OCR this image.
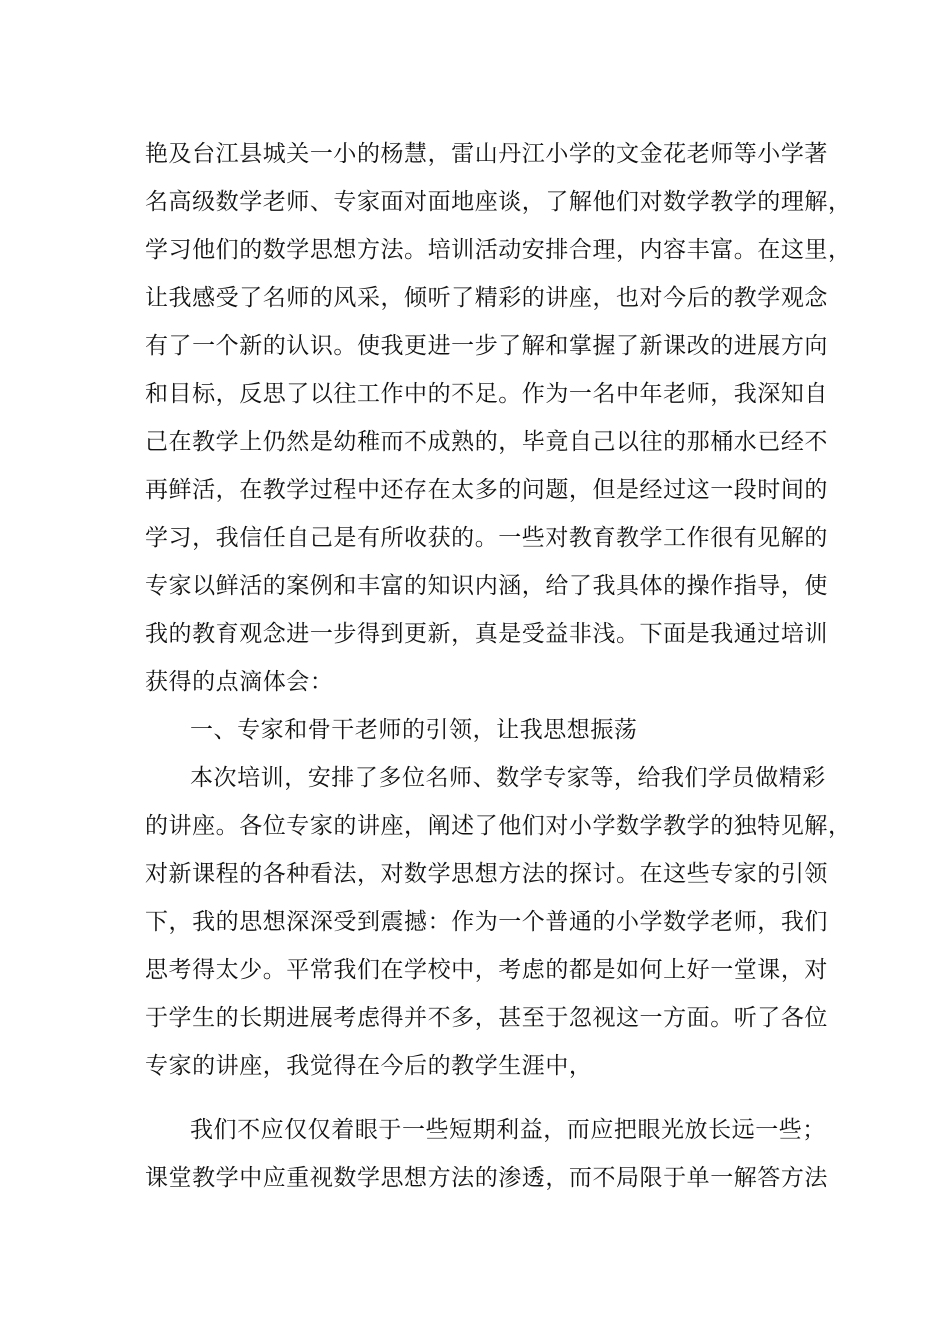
艳及台江县城关一小的杨慧，雷山丹江小学的文金花老师等小学著
名高级数学老师、专家面对面地座谈，了解他们对数学教学的理解，
学习他们的数学思想方法。培训活动安排合理，内容丰富。在这里，
让我感受了名师的风采，倾听了精彩的讲座，也对今后的教学观念
有了一个新的认识。使我更进一步了解和掌握了新课改的进展方向
和目标，反思了以往工作中的不足。作为一名中年老师，我深知自
己在教学上仍然是幼稚而不成熟的，毕竟自己以往的那桶水已经不
再鲜活，在教学过程中还存在太多的问题，但是经过这一段时间的
学习，我信任自己是有所收获的。一些对教育教学工作很有见解的
专家以鲜活的案例和丰富的知识内涵，给了我具体的操作指导，使
我的教育观念进一步得到更新，真是受益非浅。下面是我通过培训
获得的点滴体会：
一、专家和骨干老师的引领，让我思想振荡
本次培训，安排了多位名师、数学专家等，给我们学员做精彩
的讲座。各位专家的讲座，阐述了他们对小学数学教学的独特见解，
对新课程的各种看法，对数学思想方法的探讨。在这些专家的引领
下，我的思想深深受到震撼：作为一个普通的小学数学老师，我们
思考得太少。平常我们在学校中，考虑的都是如何上好一堂课，对
于学生的长期进展考虑得并不多，甚至于忽视这一方面。听了各位
专家的讲座，我觉得在今后的教学生涯中，
我们不应仅仅着眼于一些短期利益，而应把眼光放长远一些；
课堂教学中应重视数学思想方法的渗透，而不局限于单一解答方法
